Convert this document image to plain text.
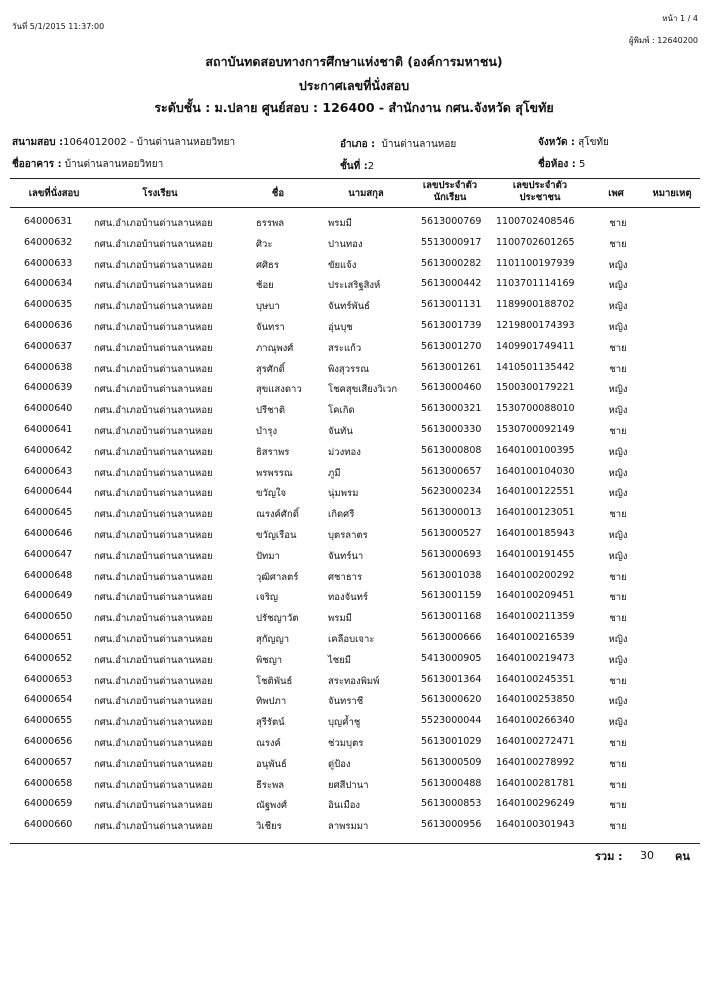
วันที่ 5/1/2015 11:37:00
หน้า 1 / 4
ผู้พิมพ์ : 12640200
สถาบันทดสอบทางการศึกษาแห่งชาติ (องค์การมหาชน)
ประกาศเลขที่นั่งสอบ
ระดับชั้น : ม.ปลาย ศูนย์สอบ : 126400 - สำนักงาน กศน.จังหวัด สุโขทัย
สนามสอบ :1064012002 - บ้านด่านลานหอยวิทยา	อำเภอ : บ้านด่านลานหอย	จังหวัด : สุโขทัย
ชื่ออาคาร : บ้านด่านลานหอยวิทยา	ชั้นที่ :2	ชื่อห้อง : 5
เลขที่นั่งสอบ	โรงเรียน	ชื่อ	นามสกุล
เลขประจำตัว นักเรียน
เลขประจำตัว ประชาชน	เพศ	หมายเหตุ
64000631 กศน.อำเภอบ้านด่านลานหอย	ธรรพล	พรมมี	5613000769 1100702408546	ชาย
64000632 กศน.อำเภอบ้านด่านลานหอย	ศิวะ	ปานทอง	5513000917 1100702601265	ชาย
64000633 กศน.อำเภอบ้านด่านลานหอย	ศศิธร	ขัยแจ้ง	5613000282 1101100197939	หญิง
64000634 กศน.อำเภอบ้านด่านลานหอย	ช้อย	ประเสริฐสิงห์	5613000442 1103701114169	หญิง
64000635 กศน.อำเภอบ้านด่านลานหอย	บุษบา	จันทร์พันธ์	5613001131 1189900188702	หญิง
64000636 กศน.อำเภอบ้านด่านลานหอย	จันทรา	อุ่นบุช	5613001739 1219800174393	หญิง
64000637 กศน.อำเภอบ้านด่านลานหอย	ภาณุพงศ์	สระแก้ว	5613001270 1409901749411	ชาย
64000638 กศน.อำเภอบ้านด่านลานหอย	สุรศักดิ์	พิงสุวรรณ	5613001261 1410501135442	ชาย
64000639 กศน.อำเภอบ้านด่านลานหอย	สุขแสงดาว	โชคสุขเสียงวิเวก	5613000460 1500300179221	หญิง
64000640 กศน.อำเภอบ้านด่านลานหอย	ปรีชาติ	โคเกิด	5613000321 1530700088010	หญิง
64000641 กศน.อำเภอบ้านด่านลานหอย	บำรุง	จันทัน	5613000330 1530700092149	ชาย
64000642 กศน.อำเภอบ้านด่านลานหอย	ธิสราพร	ม่วงทอง	5613000808 1640100100395	หญิง
64000643 กศน.อำเภอบ้านด่านลานหอย	พรพรรณ	ภูมี	5613000657 1640100104030	หญิง
64000644 กศน.อำเภอบ้านด่านลานหอย	ขวัญใจ	นุ่มพรม	5623000234 1640100122551	หญิง
64000645 กศน.อำเภอบ้านด่านลานหอย	ณรงค์ศักดิ์	เกิดศรี	5613000013 1640100123051	ชาย
64000646 กศน.อำเภอบ้านด่านลานหอย	ขวัญเรือน	บุตรลาตร	5613000527 1640100185943	หญิง
64000647 กศน.อำเภอบ้านด่านลานหอย	ปัทมา	จันทร์นา	5613000693 1640100191455	หญิง
64000648 กศน.อำเภอบ้านด่านลานหอย	วุฒิศาลตร์	ศชาธาร	5613001038 1640100200292	ชาย
64000649 กศน.อำเภอบ้านด่านลานหอย	เจริญ	ทองจันทร์	5613001159 1640100209451	ชาย
64000650 กศน.อำเภอบ้านด่านลานหอย	ปรัชญาวัต	พรมมี	5613001168 1640100211359	ชาย
64000651 กศน.อำเภอบ้านด่านลานหอย	สุกัญญา	เคลือบเจาะ	5613000666 1640100216539	หญิง
64000652 กศน.อำเภอบ้านด่านลานหอย	พิชญา	ไชยมี	5413000905 1640100219473	หญิง
64000653 กศน.อำเภอบ้านด่านลานหอย	โชติพันธ์	สระทองพิมพ์	5613001364 1640100245351	ชาย
64000654 กศน.อำเภอบ้านด่านลานหอย	ทิพปภา	จันทราชี	5613000620 1640100253850	หญิง
64000655 กศน.อำเภอบ้านด่านลานหอย	สุรีรัตน์	บุญค้ำชู	5523000044 1640100266340	หญิง
64000656 กศน.อำเภอบ้านด่านลานหอย	ณรงค์	ช่วมบุตร	5613001029 1640100272471	ชาย
64000657 กศน.อำเภอบ้านด่านลานหอย	อนุพันธ์	ดู่ป้อง	5613000509 1640100278992	ชาย
64000658 กศน.อำเภอบ้านด่านลานหอย	ธีระพล	ยศสีปานา	5613000488 1640100281781	ชาย
64000659 กศน.อำเภอบ้านด่านลานหอย	ณัฐพงศ์	อินเมือง	5613000853 1640100296249	ชาย
64000660 กศน.อำเภอบ้านด่านลานหอย	วิเชียร	ลาพรมมา	5613000956 1640100301943	ชาย
รวม : 30 คน
